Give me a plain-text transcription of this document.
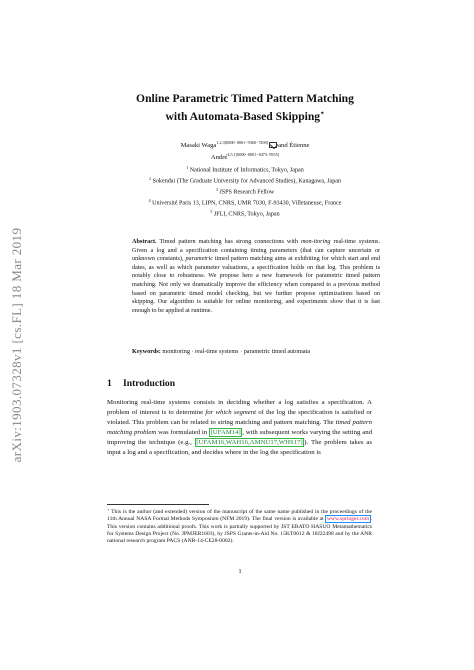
arXiv:1903.07328v1 [cs.FL] 18 Mar 2019
Online Parametric Timed Pattern Matching
with Automata-Based Skipping⋆
Masaki Waga$^{1,2,3[0000-0001-9360-7490]}$ and Étienne
André$^{4,5,1[0000-0001-8473-9555]}$
$^1$ National Institute of Informatics, Tokyo, Japan
$^2$ Sokendai (The Graduate University for Advanced Studies), Kanagawa, Japan
$^3$ JSPS Research Fellow
$^4$ Université Paris 13, LIPN, CNRS, UMR 7030, F-93430, Villetaneuse, France
$^5$ JFLI, CNRS, Tokyo, Japan
Abstract. Timed pattern matching has strong connections with mon-itoring real-time systems. Given a log and a specification containing timing parameters (that can capture uncertain or unknown constants), parametric timed pattern matching aims at exhibiting for which start and end dates, as well as which parameter valuations, a specification holds on that log. This problem is notably close to robustness. We propose here a new framework for parametric timed pattern matching. Not only we dramatically improve the efficiency when compared to a previous method based on parametric timed model checking, but we further propose optimizations based on skipping. Our algorithm is suitable for online monitoring, and experiments show that it is fast enough to be applied at runtime.
Keywords: monitoring · real-time systems · parametric timed automata
1 Introduction
Monitoring real-time systems consists in deciding whether a log satisfies a specification. A problem of interest is to determine for which segment of the log the specification is satisfied or violated. This problem can be related to string matching and pattern matching. The timed pattern matching problem was formulated in [UFAM14] , with subsequent works varying the setting and improving the technique (e.g., [UFAM16,WAH16,AMNU17,WHS17] ). The problem takes as input a log and a specification, and decides where in the log the specification is
⋆ This is the author (and extended) version of the manuscript of the same name published in the proceedings of the 11th Annual NASA Formal Methods Symposium (NFM 2019). The final version is available at www.springer.com . This version contains additional proofs. This work is partially supported by JST ERATO HASUO Metamathematics for Systems Design Project (No. JPMJER1603), by JSPS Grants-in-Aid No. 15KT0012 & 18J22498 and by the ANR national research program PACS (ANR-14-CE28-0002).
1
